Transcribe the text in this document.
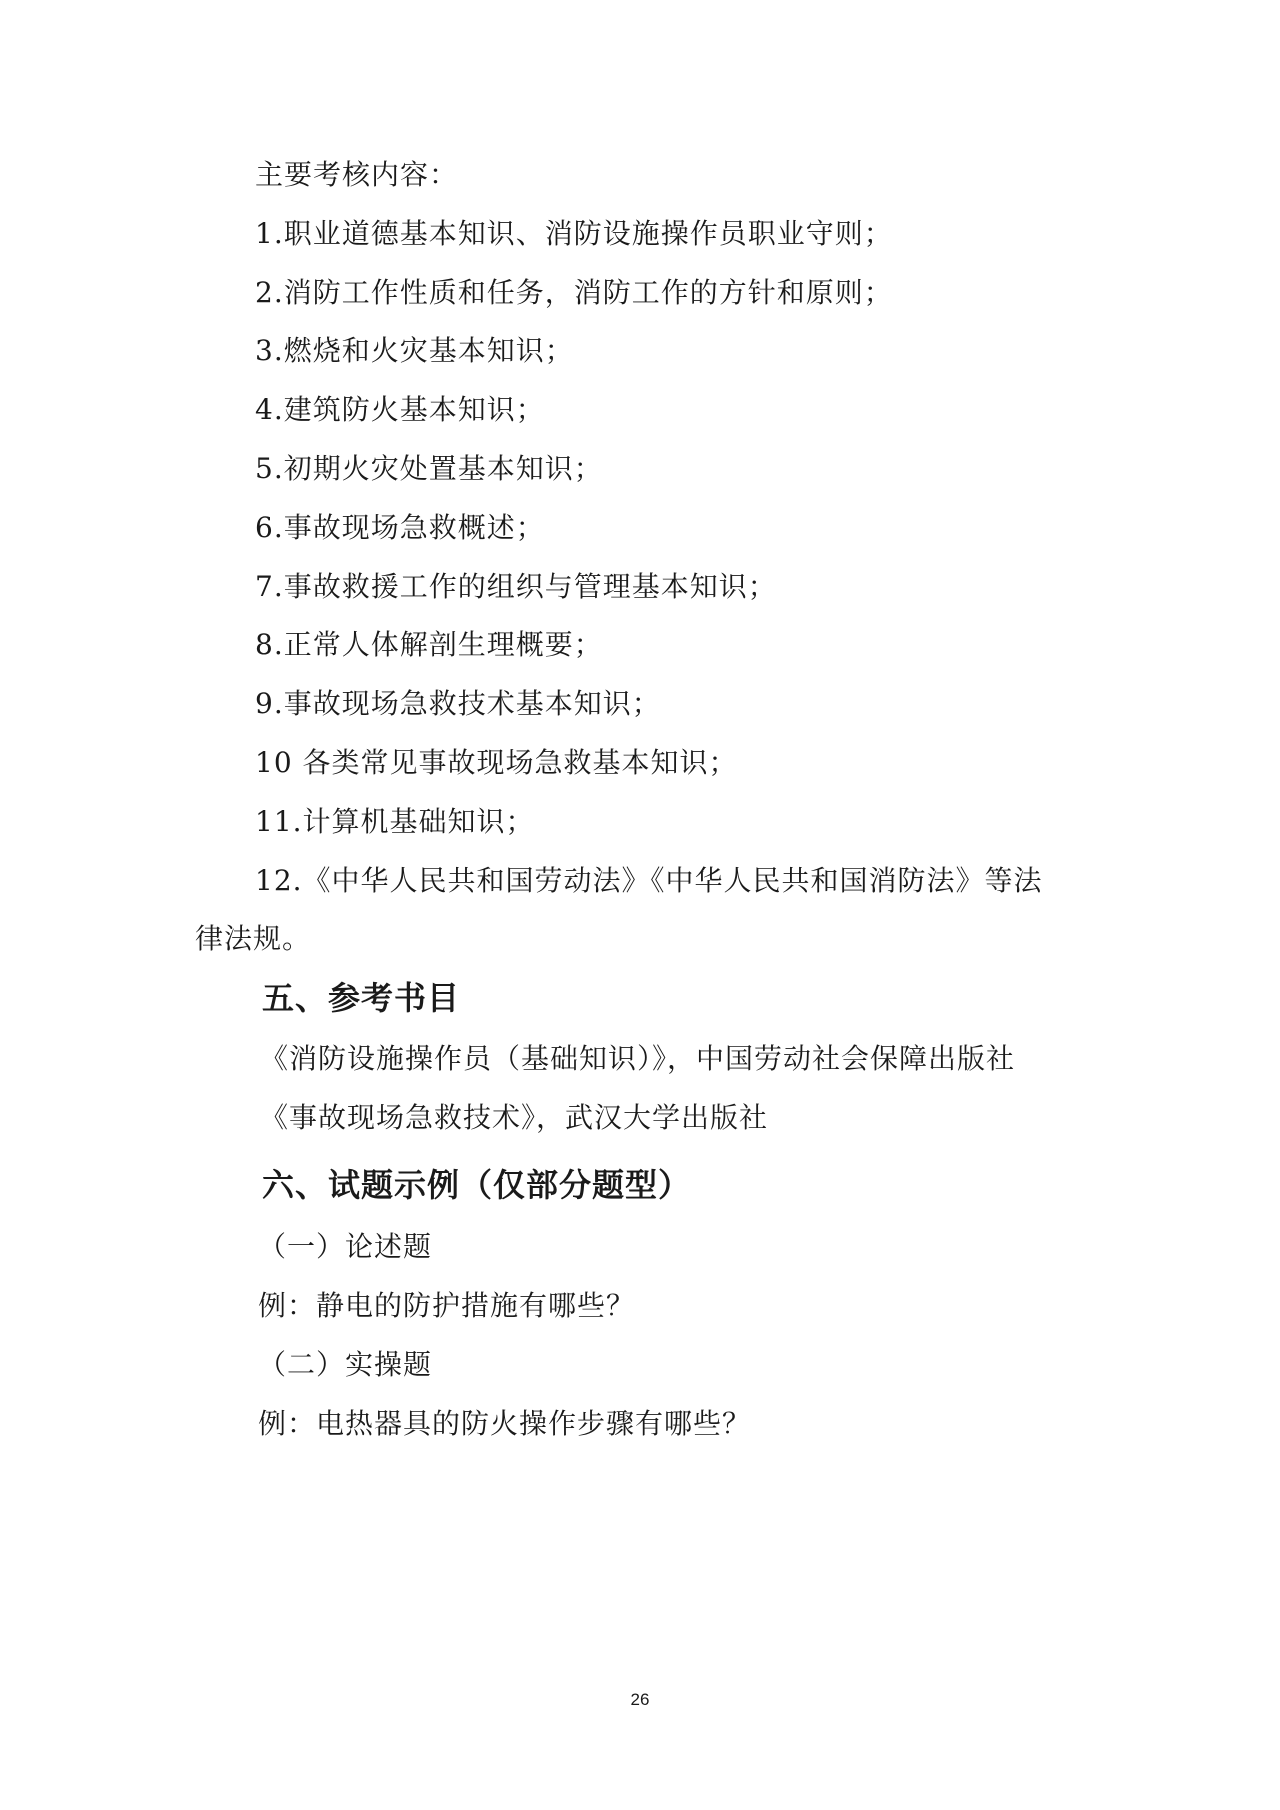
主要考核内容：
1.职业道德基本知识、消防设施操作员职业守则；
2.消防工作性质和任务，消防工作的方针和原则；
3.燃烧和火灾基本知识；
4.建筑防火基本知识；
5.初期火灾处置基本知识；
6.事故现场急救概述；
7.事故救援工作的组织与管理基本知识；
8.正常人体解剖生理概要；
9.事故现场急救技术基本知识；
10 各类常见事故现场急救基本知识；
11.计算机基础知识；
12.《中华人民共和国劳动法》《中华人民共和国消防法》等法
律法规。
五、参考书目
《消防设施操作员（基础知识）》，中国劳动社会保障出版社
《事故现场急救技术》，武汉大学出版社
六、试题示例（仅部分题型）
（一）论述题
例：静电的防护措施有哪些？
（二）实操题
例：电热器具的防火操作步骤有哪些？
26
